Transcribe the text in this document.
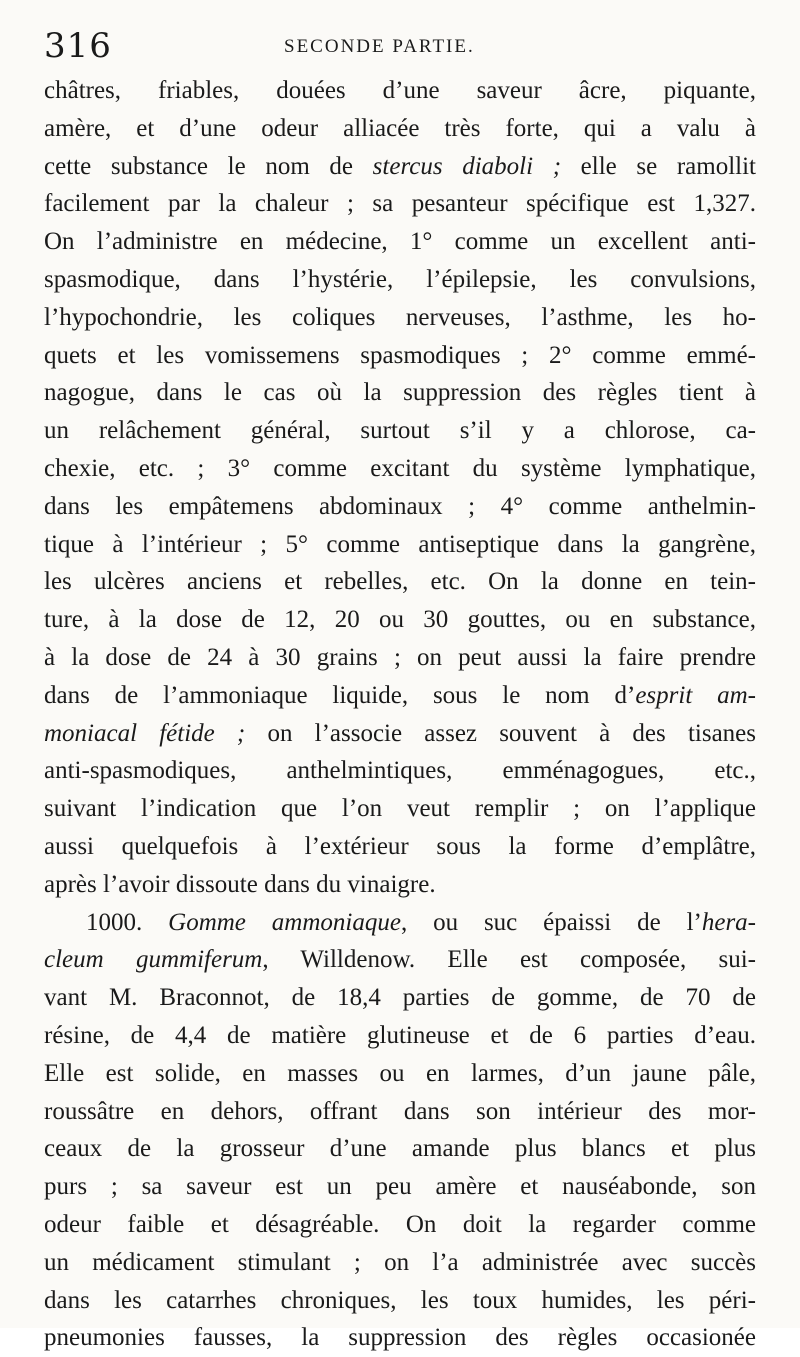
316	SECONDE PARTIE.
châtres, friables, douées d’une saveur âcre, piquante,
amère, et d’une odeur alliacée très forte, qui a valu à
cette substance le nom de stercus diaboli ; elle se ramollit
facilement par la chaleur ; sa pesanteur spécifique est 1,327.
On l’administre en médecine, 1° comme un excellent anti-
spasmodique, dans l’hystérie, l’épilepsie, les convulsions,
l’hypochondrie, les coliques nerveuses, l’asthme, les ho-
quets et les vomissemens spasmodiques ; 2° comme emmé-
nagogue, dans le cas où la suppression des règles tient à
un relâchement général, surtout s’il y a chlorose, ca-
chexie, etc. ; 3° comme excitant du système lymphatique,
dans les empâtemens abdominaux ; 4° comme anthelmin-
tique à l’intérieur ; 5° comme antiseptique dans la gangrène,
les ulcères anciens et rebelles, etc. On la donne en tein-
ture, à la dose de 12, 20 ou 30 gouttes, ou en substance,
à la dose de 24 à 30 grains ; on peut aussi la faire prendre
dans de l’ammoniaque liquide, sous le nom d’esprit am-
moniacal fétide ; on l’associe assez souvent à des tisanes
anti-spasmodiques, anthelmintiques, emménagogues, etc.,
suivant l’indication que l’on veut remplir ; on l’applique
aussi quelquefois à l’extérieur sous la forme d’emplâtre,
après l’avoir dissoute dans du vinaigre.
1000. Gomme ammoniaque, ou suc épaissi de l’hera-
cleum gummiferum, Willdenow. Elle est composée, sui-
vant M. Braconnot, de 18,4 parties de gomme, de 70 de
résine, de 4,4 de matière glutineuse et de 6 parties d’eau.
Elle est solide, en masses ou en larmes, d’un jaune pâle,
roussâtre en dehors, offrant dans son intérieur des mor-
ceaux de la grosseur d’une amande plus blancs et plus
purs ; sa saveur est un peu amère et nauséabonde, son
odeur faible et désagréable. On doit la regarder comme
un médicament stimulant ; on l’a administrée avec succès
dans les catarrhes chroniques, les toux humides, les péri-
pneumonies fausses, la suppression des règles occasionée
